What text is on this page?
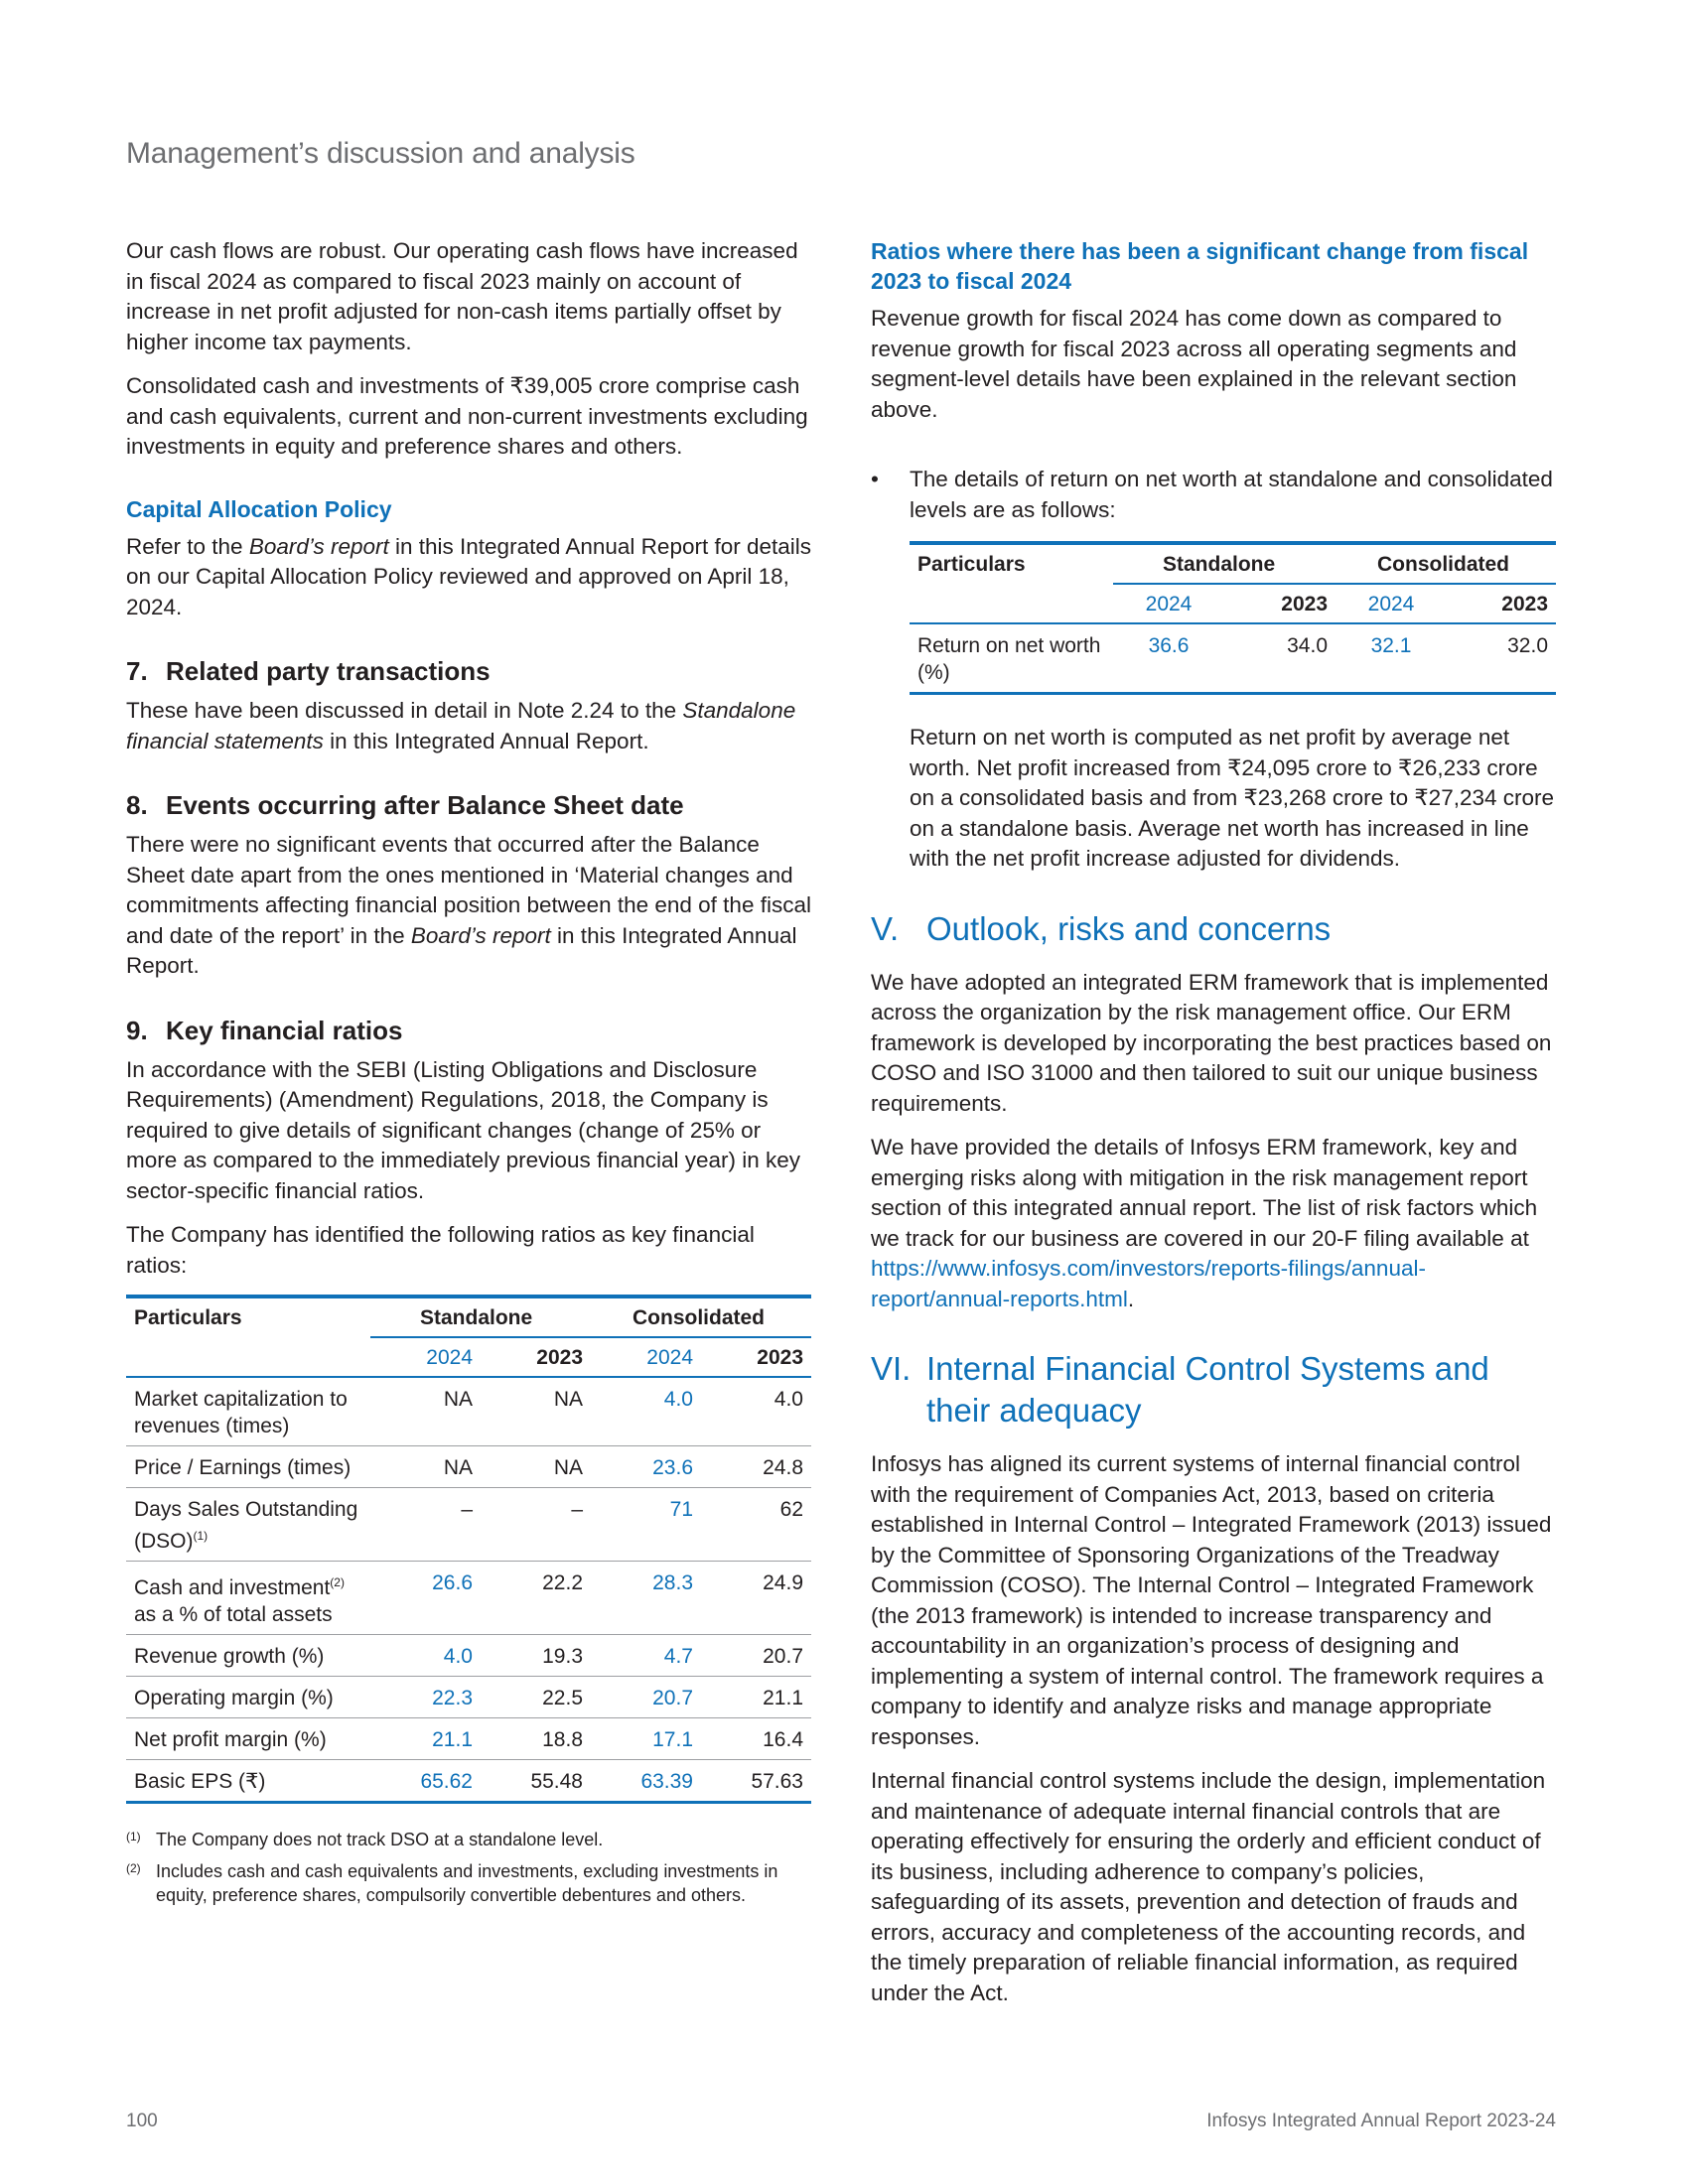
Management’s discussion and analysis

Our cash flows are robust. Our operating cash flows have increased in fiscal 2024 as compared to fiscal 2023 mainly on account of increase in net profit adjusted for non-cash items partially offset by higher income tax payments.

Consolidated cash and investments of ₹39,005 crore comprise cash and cash equivalents, current and non-current investments excluding investments in equity and preference shares and others.

Capital Allocation Policy

Refer to the Board’s report in this Integrated Annual Report for details on our Capital Allocation Policy reviewed and approved on April 18, 2024.

7. Related party transactions

These have been discussed in detail in Note 2.24 to the Standalone financial statements in this Integrated Annual Report.

8. Events occurring after Balance Sheet date

There were no significant events that occurred after the Balance Sheet date apart from the ones mentioned in ‘Material changes and commitments affecting financial position between the end of the fiscal and date of the report’ in the Board’s report in this Integrated Annual Report.

9. Key financial ratios

In accordance with the SEBI (Listing Obligations and Disclosure Requirements) (Amendment) Regulations, 2018, the Company is required to give details of significant changes (change of 25% or more as compared to the immediately previous financial year) in key sector-specific financial ratios.

The Company has identified the following ratios as key financial ratios:

Particulars	Standalone		Consolidated	
	2024	2023	2024	2023
Market capitalization to revenues (times)	NA	NA	4.0	4.0
Price / Earnings (times)	NA	NA	23.6	24.8
Days Sales Outstanding (DSO)$^{(1)}$	–	–	71	62
Cash and investment$^{(2)}$ as a % of total assets	26.6	22.2	28.3	24.9
Revenue growth (%)	4.0	19.3	4.7	20.7
Operating margin (%)	22.3	22.5	20.7	21.1
Net profit margin (%)	21.1	18.8	17.1	16.4
Basic EPS (₹)	65.62	55.48	63.39	57.63
(1) The Company does not track DSO at a standalone level.
(2) Includes cash and cash equivalents and investments, excluding investments in equity, preference shares, compulsorily convertible debentures and others.
Ratios where there has been a significant change from fiscal 2023 to fiscal 2024

Revenue growth for fiscal 2024 has come down as compared to revenue growth for fiscal 2023 across all operating segments and segment-level details have been explained in the relevant section above.

•	The details of return on net worth at standalone and consolidated levels are as follows:
Particulars	Standalone		Consolidated	
	2024	2023	2024	2023
Return on net worth (%)	36.6	34.0	32.1	32.0

Return on net worth is computed as net profit by average net worth. Net profit increased from ₹24,095 crore to ₹26,233 crore on a consolidated basis and from ₹23,268 crore to ₹27,234 crore on a standalone basis. Average net worth has increased in line with the net profit increase adjusted for dividends.

V. Outlook, risks and concerns

We have adopted an integrated ERM framework that is implemented across the organization by the risk management office. Our ERM framework is developed by incorporating the best practices based on COSO and ISO 31000 and then tailored to suit our unique business requirements.

We have provided the details of Infosys ERM framework, key and emerging risks along with mitigation in the risk management report section of this integrated annual report. The list of risk factors which we track for our business are covered in our 20-F filing available at https://www.infosys.com/investors/reports-filings/annual-report/annual-reports.html.

VI. Internal Financial Control Systems and their adequacy

Infosys has aligned its current systems of internal financial control with the requirement of Companies Act, 2013, based on criteria established in Internal Control – Integrated Framework (2013) issued by the Committee of Sponsoring Organizations of the Treadway Commission (COSO). The Internal Control – Integrated Framework (the 2013 framework) is intended to increase transparency and accountability in an organization’s process of designing and implementing a system of internal control. The framework requires a company to identify and analyze risks and manage appropriate responses.

Internal financial control systems include the design, implementation and maintenance of adequate internal financial controls that are operating effectively for ensuring the orderly and efficient conduct of its business, including adherence to company’s policies, safeguarding of its assets, prevention and detection of frauds and errors, accuracy and completeness of the accounting records, and the timely preparation of reliable financial information, as required under the Act.

100	Infosys Integrated Annual Report 2023-24
